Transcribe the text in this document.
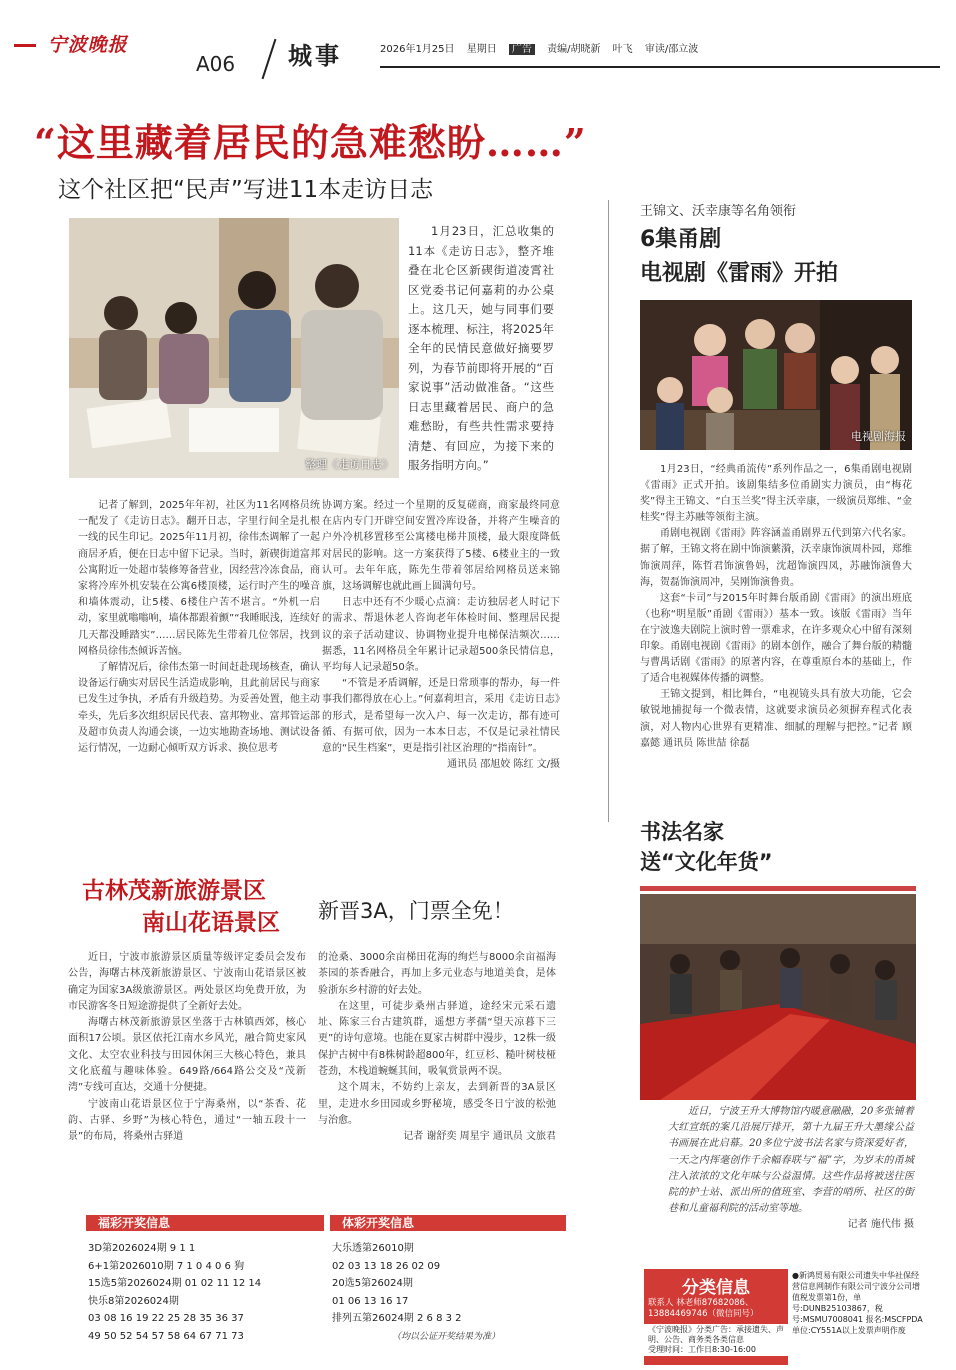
宁波晚报
A06 城事	2026年1月25日 星期日 广告 责编/胡晓新 叶飞 审读/邵立波
“这里藏着居民的急难愁盼……”
这个社区把“民声”写进11本走访日志
整理《走访日志》

1月23日，汇总收集的11本《走访日志》，整齐堆叠在北仑区新碶街道凌霄社区党委书记何嘉莉的办公桌上。这几天，她与同事们要逐本梳理、标注，将2025年全年的民情民意做好摘要罗列，为春节前即将开展的“百家说事”活动做准备。“这些日志里藏着居民、商户的急难愁盼，有些共性需求要持清楚、有回应，为接下来的服务指明方向。”

记者了解到，2025年年初，社区为11名网格员统一配发了《走访日志》。翻开日志，字里行间全是扎根一线的民生印记。2025年11月初，徐伟杰调解了一起商居矛盾，便在日志中留下记录。当时，新碶街道富邦公寓附近一处超市装修筹备营业，因经营冷冻食品，商家将冷库外机安装在公寓6楼顶楼，运行时产生的噪音和墙体震动，让5楼、6楼住户苦不堪言。“外机一启动，家里就嗡嗡响，墙体都跟着颤”“我睡眠浅，连续好几天都没睡踏实”……居民陈先生带着几位邻居，找到网格员徐伟杰倾诉苦恼。

了解情况后，徐伟杰第一时间赶赴现场核查，确认设备运行确实对居民生活造成影响，且此前居民与商家已发生过争执，矛盾有升级趋势。为妥善处置，他主动牵头，先后多次组织居民代表、富邦物业、富邦管运部及超市负责人沟通会谈，一边实地勘查场地、测试设备运行情况，一边耐心倾听双方诉求、换位思考

协调方案。经过一个星期的反复磋商，商家最终同意在店内专门开辟空间安置冷库设备，并将产生噪音的户外冷机移置移至公寓楼电梯井顶楼，最大限度降低对居民的影响。这一方案获得了5楼、6楼业主的一致认可。去年年底，陈先生带着邻居给网格员送来锦旗，这场调解也就此画上圆满句号。

日志中还有不少暖心点滴：走访独居老人时记下的需求、帮退休老人咨询老年体检时间、整理居民提议的亲子活动建议、协调物业提升电梯保洁频次……据悉，11名网格员全年累计记录超500条民情信息，平均每人记录超50条。

“不管是矛盾调解，还是日常琐事的帮办，每一件事我们都得放在心上。”何嘉莉坦言，采用《走访日志》的形式，是希望每一次入户、每一次走访，都有迹可循、有据可依，因为一本本日志，不仅是记录社情民意的“民生档案”，更是指引社区治理的“指南针”。

通讯员 邵旭姣 陈红 文/摄

王锦文、沃幸康等名角领衔
6集甬剧
电视剧《雷雨》开拍
电视剧海报

1月23日，“经典甬流传”系列作品之一，6集甬剧电视剧《雷雨》正式开拍。该剧集结多位甬剧实力演员，由“梅花奖”得主王锦文、“白玉兰奖”得主沃幸康，一级演员郑维、“金桂奖”得主苏融等领衔主演。

甬剧电视剧《雷雨》阵容涵盖甬剧界五代到第六代名家。据了解，王锦文将在剧中饰演蘩漪，沃幸康饰演周朴园，郑维饰演周萍，陈哲君饰演鲁妈，沈超饰演四凤，苏融饰演鲁大海，贺磊饰演周冲，吴刚饰演鲁贵。

这套“卡司”与2015年时舞台版甬剧《雷雨》的演出班底（也称“明星版”甬剧《雷雨》）基本一致。该版《雷雨》当年在宁波逸夫剧院上演时曾一票难求，在许多观众心中留有深刻印象。甬剧电视剧《雷雨》的剧本创作，融合了舞台版的精髓与曹禺话剧《雷雨》的原著内容，在尊重原台本的基础上，作了适合电视媒体传播的调整。

王锦文提到，相比舞台，“电视镜头具有放大功能，它会敏锐地捕捉每一个微表情，这就要求演员必须摒弃程式化表演，对人物内心世界有更精准、细腻的理解与把控。”记者 顾嘉懿 通讯员 陈世喆 徐磊

书法名家
送“文化年货”

近日，宁波王升大博物馆内暖意融融，20多张铺着大红宣纸的案几沿展厅排开，第十九届王升大墨缘公益书画展在此启幕。20多位宁波书法名家与资深爱好者，一天之内挥毫创作千余幅春联与“福”字，为岁末的甬城注入浓浓的文化年味与公益温情。这些作品将被送往医院的护士站、派出所的值班室、李营的哨所、社区的街巷和儿童福利院的活动室等地。

记者 施代伟 摄

古林茂新旅游景区
南山花语景区 新晋3A，门票全免！

近日，宁波市旅游景区质量等级评定委员会发布公告，海曙古林茂新旅游景区、宁波南山花语景区被确定为国家3A级旅游景区。两处景区均免费开放，为市民游客冬日短途游提供了全新好去处。

海曙古林茂新旅游景区坐落于古林镇西郊，核心面积17公顷。景区依托江南水乡风光，融合简史家风文化、太空农业科技与田园休闲三大核心特色，兼具文化底蕴与趣味体验。649路/664路公交及“茂新湾”专线可直达，交通十分便捷。

宁波南山花语景区位于宁海桑州，以“茶香、花韵、古驿、乡野”为核心特色，通过“一轴五段十一景”的布局，将桑州古驿道

的沧桑、3000余亩梯田花海的绚烂与8000余亩福海茶园的茶香融合，再加上多元业态与地道美食，是体验浙东乡村游的好去处。

在这里，可徒步桑州古驿道，途经宋元采石遗址、陈家三台古建筑群，遥想方孝孺“望天凉暮下三更”的诗句意境。也能在夏家古树群中漫步，12株一级保护古树中有8株树龄超800年，红豆杉、糙叶树枝桠苍劲，木栈道蜿蜒其间，吸氧赏景两不误。

这个周末，不妨约上亲友，去到新晋的3A景区里，走进水乡田园或乡野秘境，感受冬日宁波的松弛与治愈。

记者 谢舒奕 周星宇 通讯员 文旅君

福彩开奖信息	体彩开奖信息
3D第2026024期 9 1 1
6+1第2026010期 7 1 0 4 0 6 狗
15选5第2026024期 01 02 11 12 14
快乐8第2026024期
03 08 16 19 22 25 28 35 36 37
49 50 52 54 57 58 64 67 71 73
大乐透第26010期
02 03 13 18 26 02 09
20选5第26024期
01 06 13 16 17
排列五第26024期 2 6 8 3 2
（均以公证开奖结果为准）
分类信息
联系人 林老师87682086、13884469746（微信同号）
《宁波晚报》分类广告：承接遗失、声明、公告、商务类各类信息
受理时间：工作日8:30-16:00
●新鸿贸易有限公司遗失中华社保经营信息网制作有限公司宁波分公司增值税发票第1份，单号:DUNB25103867，税号:MSMU7008041 报名:MSCFPDA 单位:CY551A以上发票声明作废
